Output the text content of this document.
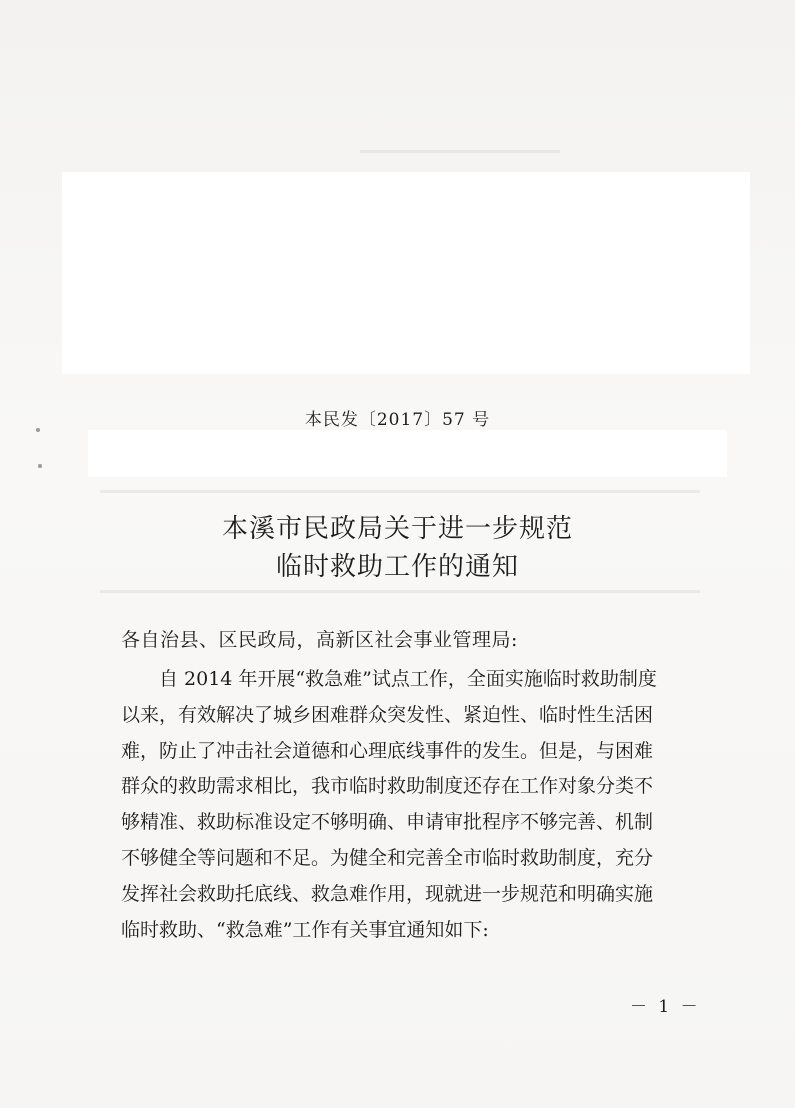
本民发〔2017〕57 号
本溪市民政局关于进一步规范
临时救助工作的通知
各自治县、区民政局，高新区社会事业管理局:
自 2014 年开展“救急难”试点工作，全面实施临时救助制度
以来，有效解决了城乡困难群众突发性、紧迫性、临时性生活困
难，防止了冲击社会道德和心理底线事件的发生。但是，与困难
群众的救助需求相比，我市临时救助制度还存在工作对象分类不
够精准、救助标准设定不够明确、申请审批程序不够完善、机制
不够健全等问题和不足。为健全和完善全市临时救助制度，充分
发挥社会救助托底线、救急难作用，现就进一步规范和明确实施
临时救助、“救急难”工作有关事宜通知如下:
－ 1 －
